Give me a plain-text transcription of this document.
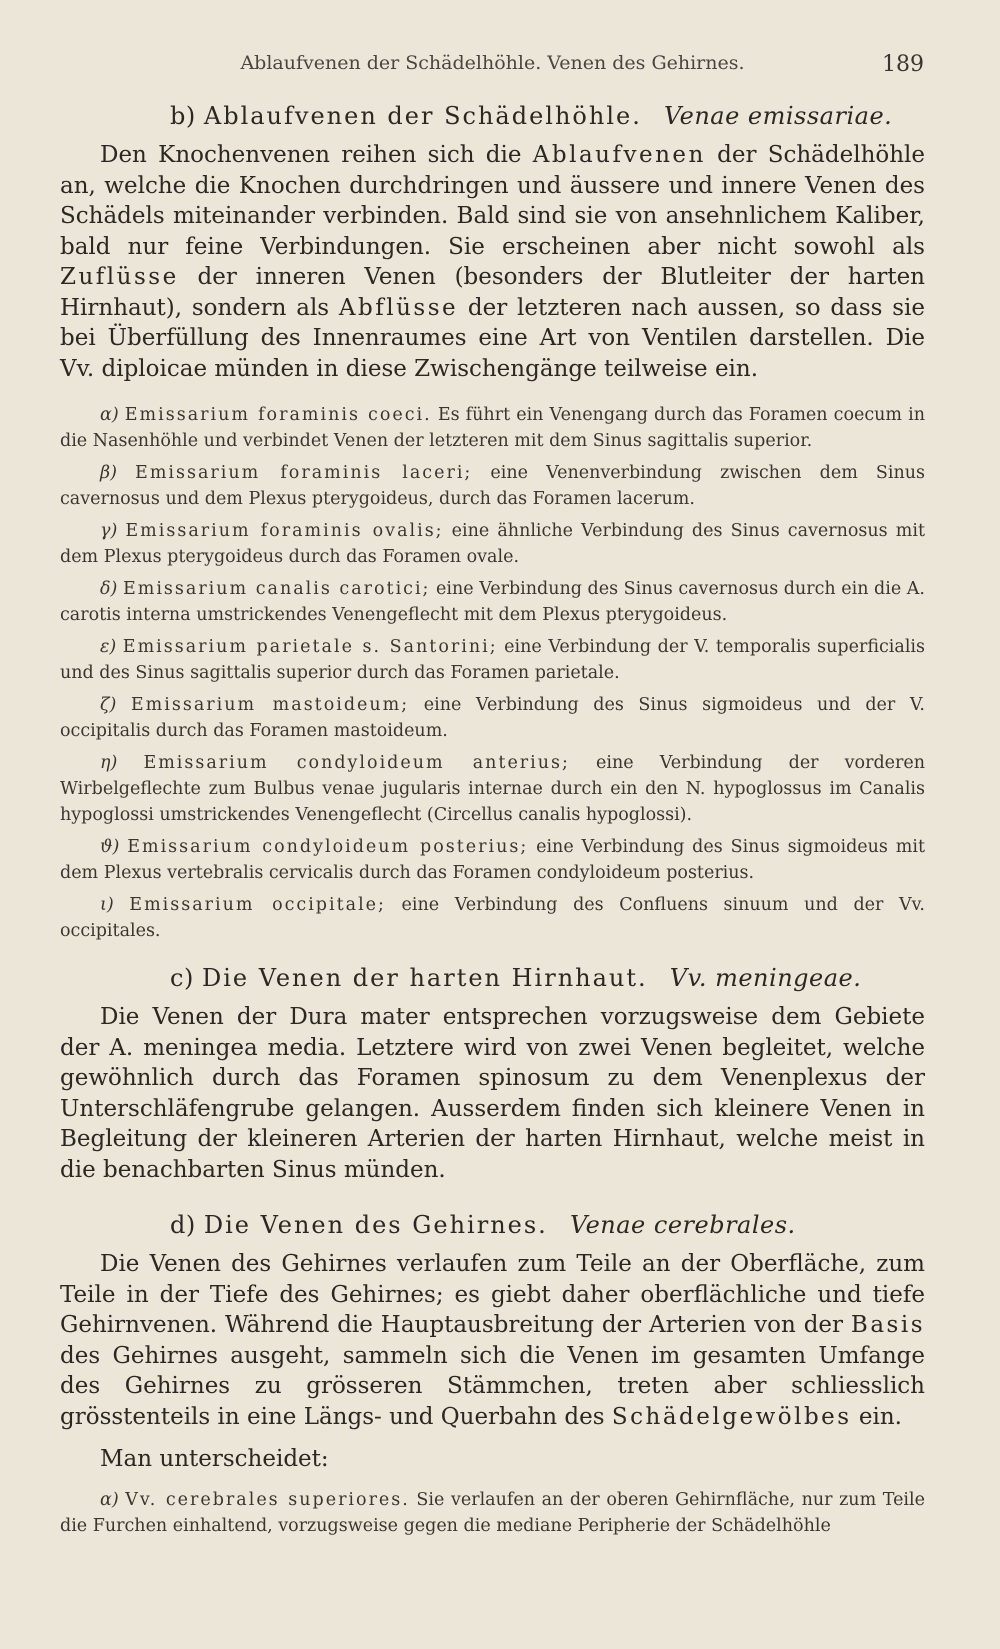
Ablaufvenen der Schädelhöhle. Venen des Gehirnes.	189
b) Ablaufvenen der Schädelhöhle. Venae emissariae.

Den Knochenvenen reihen sich die Ablaufvenen der Schädelhöhle an, welche die Knochen durchdringen und äussere und innere Venen des Schädels miteinander verbinden. Bald sind sie von ansehnlichem Kaliber, bald nur feine Verbindungen. Sie erscheinen aber nicht sowohl als Zuflüsse der inneren Venen (besonders der Blutleiter der harten Hirnhaut), sondern als Abflüsse der letzteren nach aussen, so dass sie bei Überfüllung des Innenraumes eine Art von Ventilen darstellen. Die Vv. diploicae münden in diese Zwischengänge teilweise ein.

α) Emissarium foraminis coeci. Es führt ein Venengang durch das Foramen coecum in die Nasenhöhle und verbindet Venen der letzteren mit dem Sinus sagittalis superior.

β) Emissarium foraminis laceri; eine Venenverbindung zwischen dem Sinus cavernosus und dem Plexus pterygoideus, durch das Foramen lacerum.

γ) Emissarium foraminis ovalis; eine ähnliche Verbindung des Sinus cavernosus mit dem Plexus pterygoideus durch das Foramen ovale.

δ) Emissarium canalis carotici; eine Verbindung des Sinus cavernosus durch ein die A. carotis interna umstrickendes Venengeflecht mit dem Plexus pterygoideus.

ε) Emissarium parietale s. Santorini; eine Verbindung der V. temporalis superficialis und des Sinus sagittalis superior durch das Foramen parietale.

ζ) Emissarium mastoideum; eine Verbindung des Sinus sigmoideus und der V. occipitalis durch das Foramen mastoideum.

η) Emissarium condyloideum anterius; eine Verbindung der vorderen Wirbelgeflechte zum Bulbus venae jugularis internae durch ein den N. hypoglossus im Canalis hypoglossi umstrickendes Venengeflecht (Circellus canalis hypoglossi).

ϑ) Emissarium condyloideum posterius; eine Verbindung des Sinus sigmoideus mit dem Plexus vertebralis cervicalis durch das Foramen condyloideum posterius.

ι) Emissarium occipitale; eine Verbindung des Confluens sinuum und der Vv. occipitales.

c) Die Venen der harten Hirnhaut. Vv. meningeae.

Die Venen der Dura mater entsprechen vorzugsweise dem Gebiete der A. meningea media. Letztere wird von zwei Venen begleitet, welche gewöhnlich durch das Foramen spinosum zu dem Venenplexus der Unterschläfengrube gelangen. Ausserdem finden sich kleinere Venen in Begleitung der kleineren Arterien der harten Hirnhaut, welche meist in die benachbarten Sinus münden.

d) Die Venen des Gehirnes. Venae cerebrales.

Die Venen des Gehirnes verlaufen zum Teile an der Oberfläche, zum Teile in der Tiefe des Gehirnes; es giebt daher oberflächliche und tiefe Gehirnvenen. Während die Hauptausbreitung der Arterien von der Basis des Gehirnes ausgeht, sammeln sich die Venen im gesamten Umfange des Gehirnes zu grösseren Stämmchen, treten aber schliesslich grösstenteils in eine Längs- und Querbahn des Schädelgewölbes ein.

Man unterscheidet:

α) Vv. cerebrales superiores. Sie verlaufen an der oberen Gehirnfläche, nur zum Teile die Furchen einhaltend, vorzugsweise gegen die mediane Peripherie der Schädelhöhle
